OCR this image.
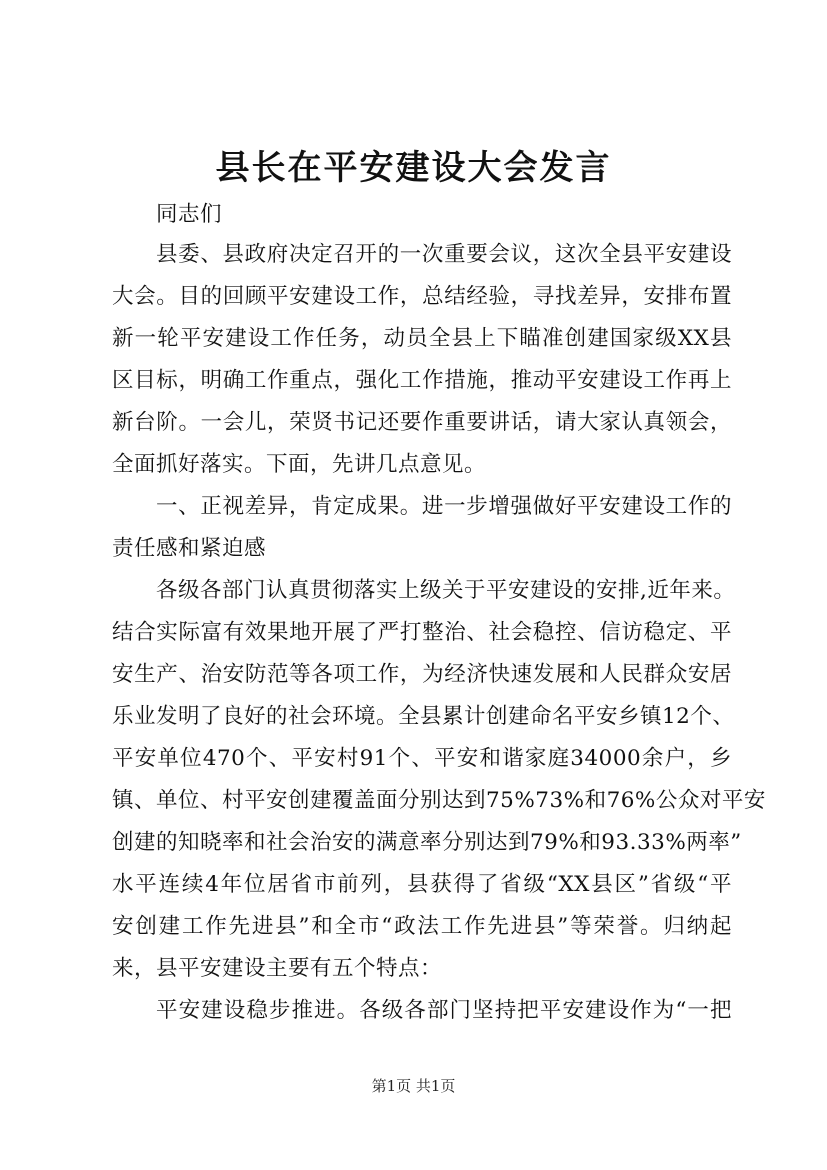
县长在平安建设大会发言
同志们
县委、县政府决定召开的一次重要会议，这次全县平安建设
大会。目的回顾平安建设工作，总结经验，寻找差异，安排布置
新一轮平安建设工作任务，动员全县上下瞄准创建国家级XX县
区目标，明确工作重点，强化工作措施，推动平安建设工作再上
新台阶。一会儿，荣贤书记还要作重要讲话，请大家认真领会，
全面抓好落实。下面，先讲几点意见。
一、正视差异，肯定成果。进一步增强做好平安建设工作的
责任感和紧迫感
各级各部门认真贯彻落实上级关于平安建设的安排,近年来。
结合实际富有效果地开展了严打整治、社会稳控、信访稳定、平
安生产、治安防范等各项工作，为经济快速发展和人民群众安居
乐业发明了良好的社会环境。全县累计创建命名平安乡镇12个、
平安单位470个、平安村91个、平安和谐家庭34000余户，乡
镇、单位、村平安创建覆盖面分别达到75%73%和76%公众对平安
创建的知晓率和社会治安的满意率分别达到79%和93.33%两率”
水平连续4年位居省市前列，县获得了省级“XX县区”省级“平
安创建工作先进县”和全市“政法工作先进县”等荣誉。归纳起
来，县平安建设主要有五个特点：
平安建设稳步推进。各级各部门坚持把平安建设作为“一把
第1页 共1页
